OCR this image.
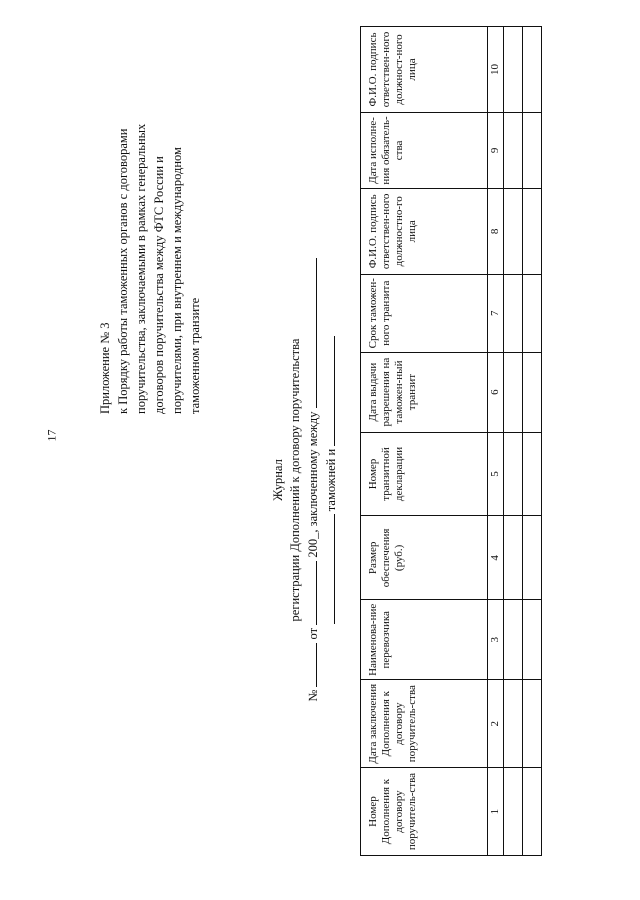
17
Приложение № 3 к Порядку работы таможенных органов с договорами поручительства, заключаемыми в рамках генеральных договоров поручительства между ФТС России и поручителями, при внутреннем и международном таможенном транзите
Журнал регистрации Дополнений к договору поручительства
№  от  200_, заключенному между таможней и
Номер Дополнения к договору поручитель-ства	Дата заключения Дополнения к договору поручитель-ства	Наименова-ние перевозчика	Размер обеспечения (руб.)	Номер транзитной декларации	Дата выдачи разрешения на таможен-ный транзит	Срок таможен-ного транзита	Ф.И.О. подпись ответствен-ного должностно-го лица	Дата исполне-ния обязатель-ства	Ф.И.О. подпись ответствен-ного должност-ного лица
1	2	3	4	5	6	7	8	9	10
